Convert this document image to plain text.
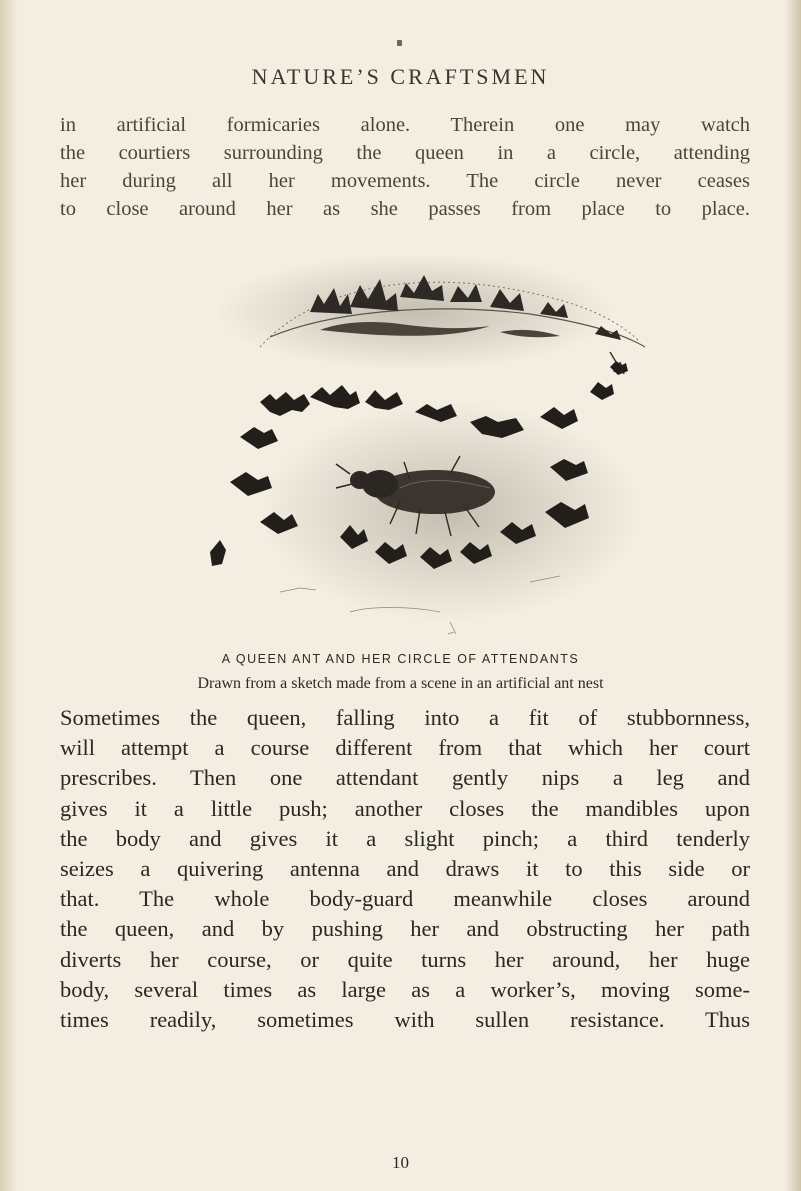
NATURE’S CRAFTSMEN
in artificial formicaries alone. Therein one may watch
the courtiers surrounding the queen in a circle, attending
her during all her movements. The circle never ceases
to close around her as she passes from place to place.
A QUEEN ANT AND HER CIRCLE OF ATTENDANTS
Drawn from a sketch made from a scene in an artificial ant nest
Sometimes the queen, falling into a fit of stubbornness,
will attempt a course different from that which her court
prescribes. Then one attendant gently nips a leg and
gives it a little push; another closes the mandibles upon
the body and gives it a slight pinch; a third tenderly
seizes a quivering antenna and draws it to this side or
that. The whole body-guard meanwhile closes around
the queen, and by pushing her and obstructing her path
diverts her course, or quite turns her around, her huge
body, several times as large as a worker’s, moving some-
times readily, sometimes with sullen resistance. Thus
10
